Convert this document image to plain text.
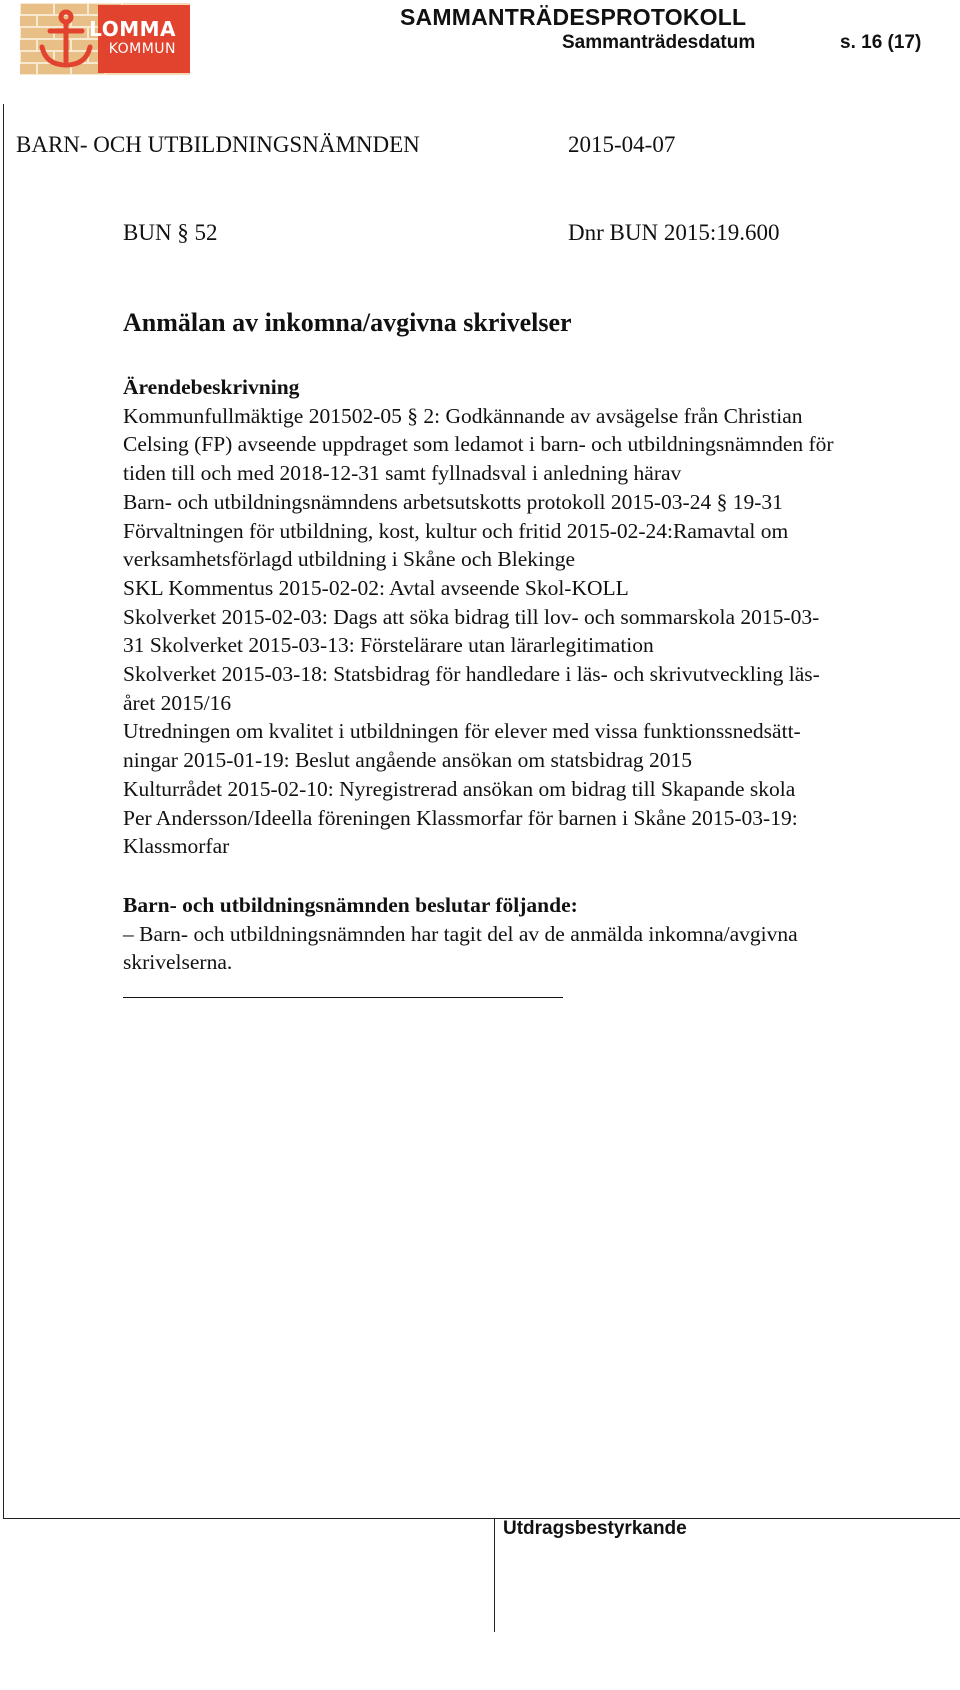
LOMMA
KOMMUN
SAMMANTRÄDESPROTOKOLL
Sammanträdesdatum	s. 16 (17)
Utdragsbestyrkande
BARN- OCH UTBILDNINGSNÄMNDEN	2015-04-07
BUN § 52	Dnr BUN 2015:19.600

Anmälan av inkomna/avgivna skrivelser

Ärendebeskrivning

Kommunfullmäktige 201502-05 § 2: Godkännande av avsägelse från Christian

Celsing (FP) avseende uppdraget som ledamot i barn- och utbildningsnämnden för

tiden till och med 2018-12-31 samt fyllnadsval i anledning härav

Barn- och utbildningsnämndens arbetsutskotts protokoll 2015-03-24 § 19-31

Förvaltningen för utbildning, kost, kultur och fritid 2015-02-24:Ramavtal om

verksamhetsförlagd utbildning i Skåne och Blekinge

SKL Kommentus 2015-02-02: Avtal avseende Skol-KOLL

Skolverket 2015-02-03: Dags att söka bidrag till lov- och sommarskola 2015-03-

31 Skolverket 2015-03-13: Förstelärare utan lärarlegitimation

Skolverket 2015-03-18: Statsbidrag för handledare i läs- och skrivutveckling läs-

året 2015/16

Utredningen om kvalitet i utbildningen för elever med vissa funktionssnedsätt-

ningar 2015-01-19: Beslut angående ansökan om statsbidrag 2015

Kulturrådet 2015-02-10: Nyregistrerad ansökan om bidrag till Skapande skola

Per Andersson/Ideella föreningen Klassmorfar för barnen i Skåne 2015-03-19:

Klassmorfar

Barn- och utbildningsnämnden beslutar följande:

– Barn- och utbildningsnämnden har tagit del av de anmälda inkomna/avgivna

skrivelserna.
